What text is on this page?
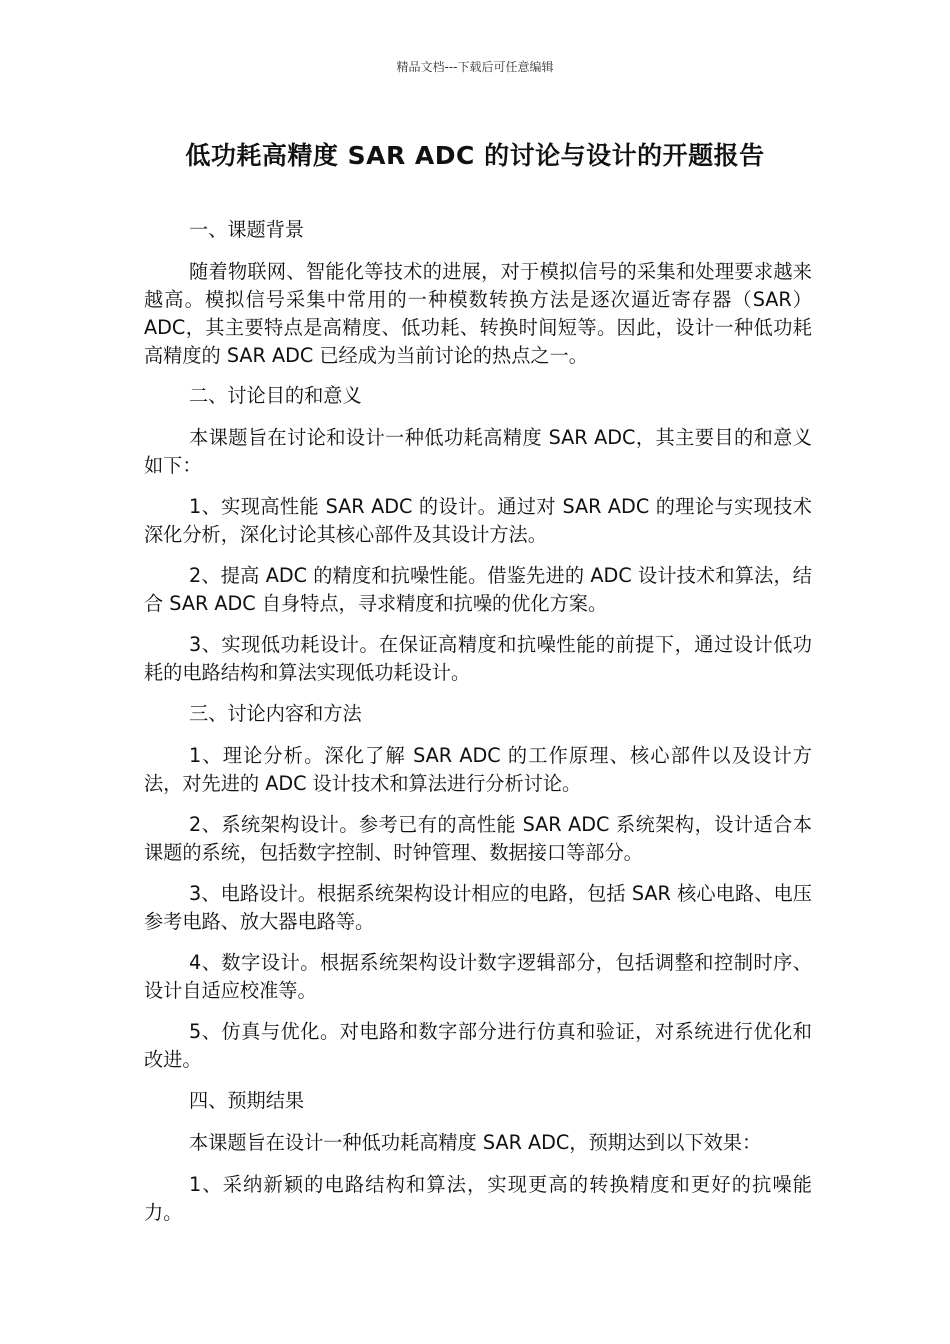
精品文档---下载后可任意编辑
低功耗高精度 SAR ADC 的讨论与设计的开题报告

一、课题背景

随着物联网、智能化等技术的进展，对于模拟信号的采集和处理要求越来越高。模拟信号采集中常用的一种模数转换方法是逐次逼近寄存器（SAR）ADC，其主要特点是高精度、低功耗、转换时间短等。因此，设计一种低功耗高精度的 SAR ADC 已经成为当前讨论的热点之一。

二、讨论目的和意义

本课题旨在讨论和设计一种低功耗高精度 SAR ADC，其主要目的和意义如下：

1、实现高性能 SAR ADC 的设计。通过对 SAR ADC 的理论与实现技术深化分析，深化讨论其核心部件及其设计方法。

2、提高 ADC 的精度和抗噪性能。借鉴先进的 ADC 设计技术和算法，结合 SAR ADC 自身特点，寻求精度和抗噪的优化方案。

3、实现低功耗设计。在保证高精度和抗噪性能的前提下，通过设计低功耗的电路结构和算法实现低功耗设计。

三、讨论内容和方法

1、理论分析。深化了解 SAR ADC 的工作原理、核心部件以及设计方法，对先进的 ADC 设计技术和算法进行分析讨论。

2、系统架构设计。参考已有的高性能 SAR ADC 系统架构，设计适合本课题的系统，包括数字控制、时钟管理、数据接口等部分。

3、电路设计。根据系统架构设计相应的电路，包括 SAR 核心电路、电压参考电路、放大器电路等。

4、数字设计。根据系统架构设计数字逻辑部分，包括调整和控制时序、设计自适应校准等。

5、仿真与优化。对电路和数字部分进行仿真和验证，对系统进行优化和改进。

四、预期结果

本课题旨在设计一种低功耗高精度 SAR ADC，预期达到以下效果：

1、采纳新颖的电路结构和算法，实现更高的转换精度和更好的抗噪能力。
